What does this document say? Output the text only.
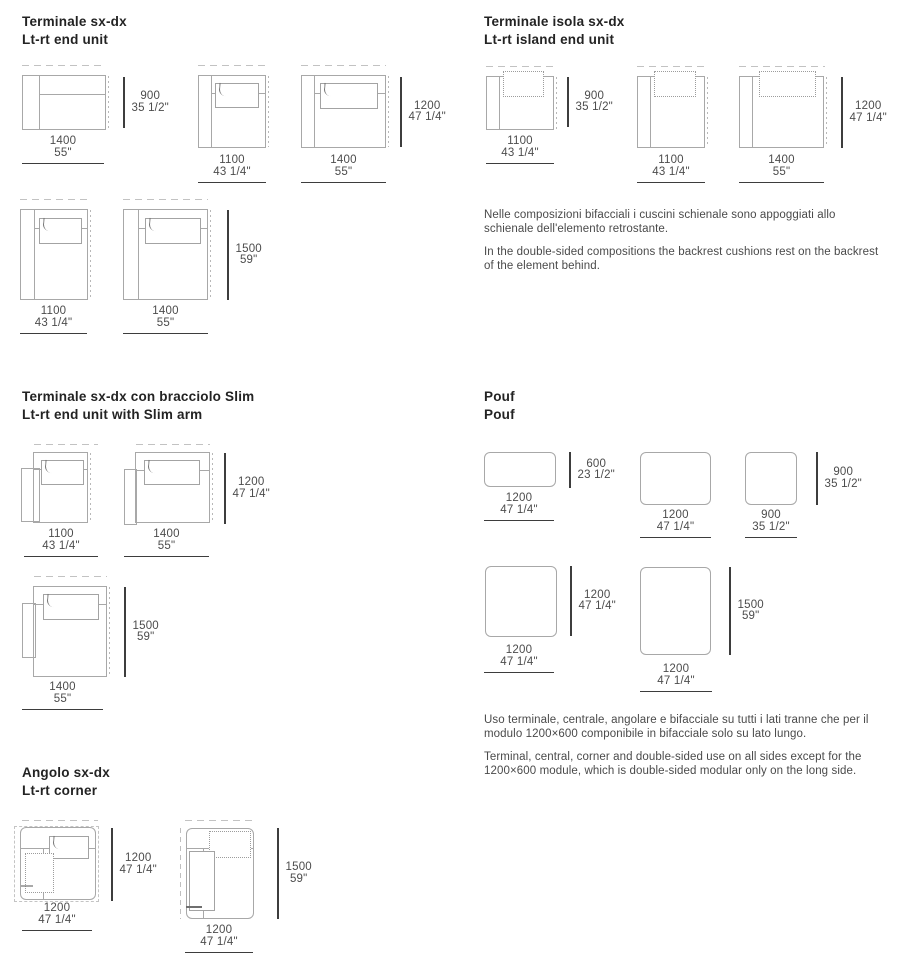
Terminale sx-dx
Lt-rt end unit
900
35 1/2"
1400
55"
1100
43 1/4"
1200
47 1/4"
1400
55"
1100
43 1/4"
1500
59"
1400
55"
Terminale isola sx-dx
Lt-rt island end unit
900
35 1/2"
1100
43 1/4"
1100
43 1/4"
1200
47 1/4"
1400
55"

Nelle composizioni bifacciali i cuscini schienale sono appoggiati allo schienale dell'elemento retrostante.

In the double-sided compositions the backrest cushions rest on the backrest of the element behind.

Terminale sx-dx con bracciolo Slim
Lt-rt end unit with Slim arm
1100
43 1/4"
1200
47 1/4"
1400
55"
1500
59"
1400
55"
Pouf
Pouf
600
23 1/2"
1200
47 1/4"	1200
47 1/4"
900
35 1/2"
900
35 1/2"
1200
47 1/4"
1200
47 1/4"
1500
59"
1200
47 1/4"

Uso terminale, centrale, angolare e bifacciale su tutti i lati tranne che per il modulo 1200×600 componibile in bifacciale solo su lato lungo.

Terminal, central, corner and double-sided use on all sides except for the 1200×600 module, which is double-sided modular only on the long side.

Angolo sx-dx
Lt-rt corner
1200
47 1/4"
1200
47 1/4"
1500
59"
1200
47 1/4"
